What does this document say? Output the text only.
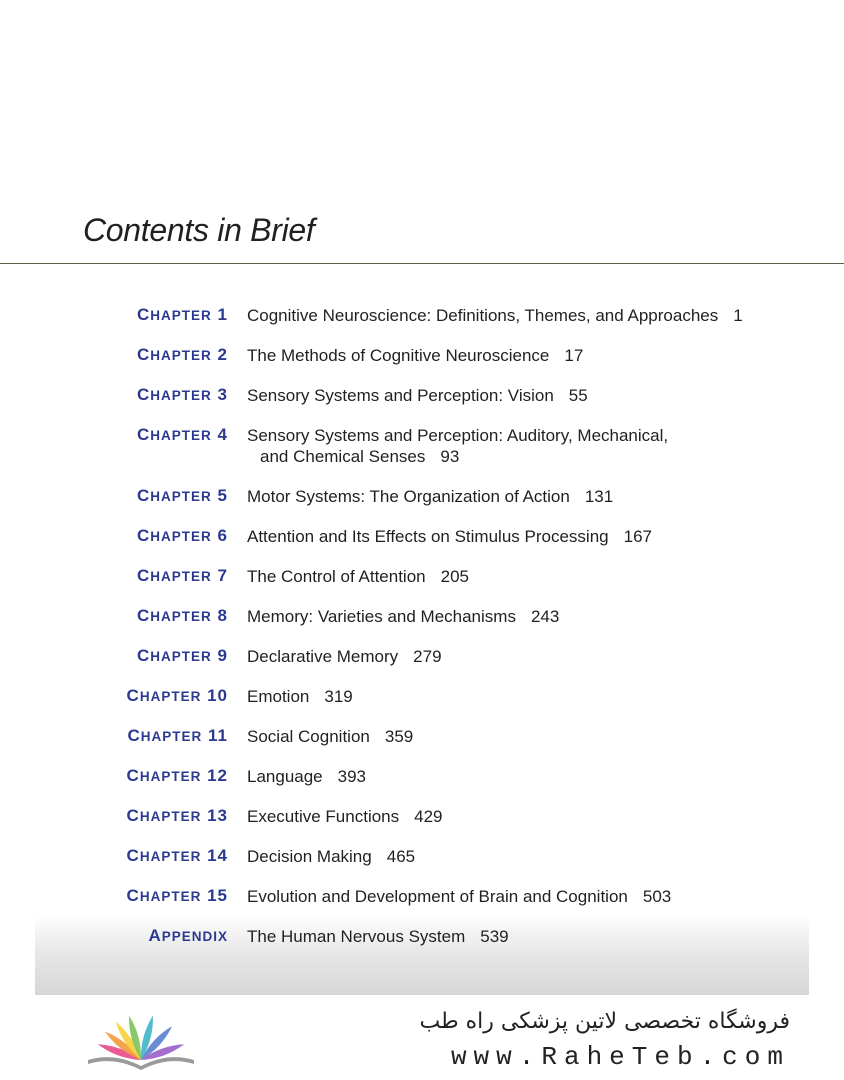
Contents in Brief
CHAPTER 1 Cognitive Neuroscience: Definitions, Themes, and Approaches 1
CHAPTER 2 The Methods of Cognitive Neuroscience 17
CHAPTER 3 Sensory Systems and Perception: Vision 55
CHAPTER 4 Sensory Systems and Perception: Auditory, Mechanical,
and Chemical Senses 93
CHAPTER 5 Motor Systems: The Organization of Action 131
CHAPTER 6 Attention and Its Effects on Stimulus Processing 167
CHAPTER 7 The Control of Attention 205
CHAPTER 8 Memory: Varieties and Mechanisms 243
CHAPTER 9 Declarative Memory 279
CHAPTER 10 Emotion 319
CHAPTER 11 Social Cognition 359
CHAPTER 12 Language 393
CHAPTER 13 Executive Functions 429
CHAPTER 14 Decision Making 465
CHAPTER 15 Evolution and Development of Brain and Cognition 503
APPENDIX The Human Nervous System 539
فروشگاه تخصصی لاتین پزشکی راه طب
www.RaheTeb.com
